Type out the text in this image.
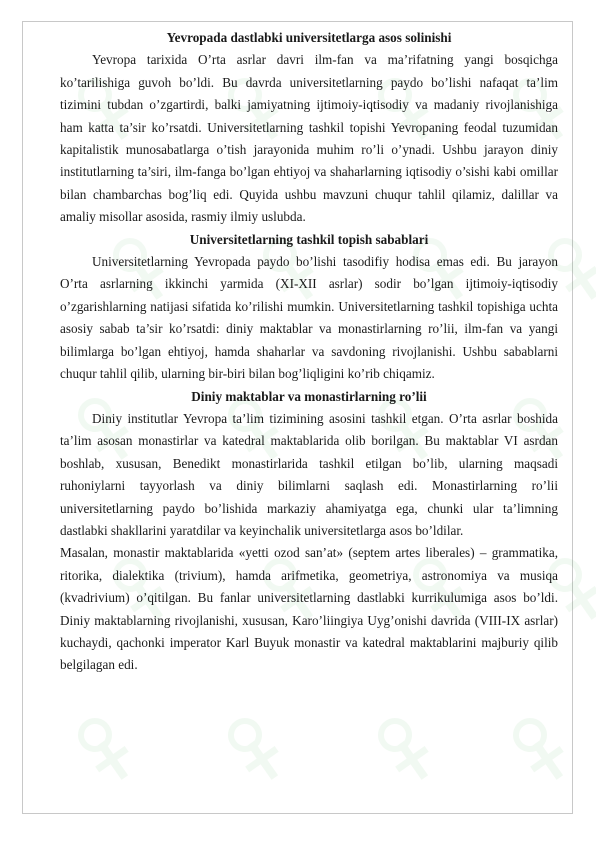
Yevropada dastlabki universitetlarga asos solinishi

Yevropa tarixida O’rta asrlar davri ilm-fan va ma’rifatning yangi bosqichga ko’tarilishiga guvoh bo’ldi. Bu davrda universitetlarning paydo bo’lishi nafaqat ta’lim tizimini tubdan o’zgartirdi, balki jamiyatning ijtimoiy-iqtisodiy va madaniy rivojlanishiga ham katta ta’sir ko’rsatdi. Universitetlarning tashkil topishi Yevropaning feodal tuzumidan kapitalistik munosabatlarga o’tish jarayonida muhim ro’li o’ynadi. Ushbu jarayon diniy institutlarning ta’siri, ilm-fanga bo’lgan ehtiyoj va shaharlarning iqtisodiy o’sishi kabi omillar bilan chambarchas bog’liq edi. Quyida ushbu mavzuni chuqur tahlil qilamiz, dalillar va amaliy misollar asosida, rasmiy ilmiy uslubda.

Universitetlarning tashkil topish sabablari

Universitetlarning Yevropada paydo bo’lishi tasodifiy hodisa emas edi. Bu jarayon O’rta asrlarning ikkinchi yarmida (XI-XII asrlar) sodir bo’lgan ijtimoiy-iqtisodiy o’zgarishlarning natijasi sifatida ko’rilishi mumkin. Universitetlarning tashkil topishiga uchta asosiy sabab ta’sir ko’rsatdi: diniy maktablar va monastirlarning ro’lii, ilm-fan va yangi bilimlarga bo’lgan ehtiyoj, hamda shaharlar va savdoning rivojlanishi. Ushbu sabablarni chuqur tahlil qilib, ularning bir-biri bilan bog’liqligini ko’rib chiqamiz.

Diniy maktablar va monastirlarning ro’lii

Diniy institutlar Yevropa ta’lim tizimining asosini tashkil etgan. O’rta asrlar boshida ta’lim asosan monastirlar va katedral maktablarida olib borilgan. Bu maktablar VI asrdan boshlab, xususan, Benedikt monastirlarida tashkil etilgan bo’lib, ularning maqsadi ruhoniylarni tayyorlash va diniy bilimlarni saqlash edi. Monastirlarning ro’lii universitetlarning paydo bo’lishida markaziy ahamiyatga ega, chunki ular ta’limning dastlabki shakllarini yaratdilar va keyinchalik universitetlarga asos bo’ldilar.

Masalan, monastir maktablarida «yetti ozod san’at» (septem artes liberales) – grammatika, ritorika, dialektika (trivium), hamda arifmetika, geometriya, astronomiya va musiqa (kvadrivium) o’qitilgan. Bu fanlar universitetlarning dastlabki kurrikulumiga asos bo’ldi. Diniy maktablarning rivojlanishi, xususan, Karo’liingiya Uyg’onishi davrida (VIII-IX asrlar) kuchaydi, qachonki imperator Karl Buyuk monastir va katedral maktablarini majburiy qilib belgilagan edi.
